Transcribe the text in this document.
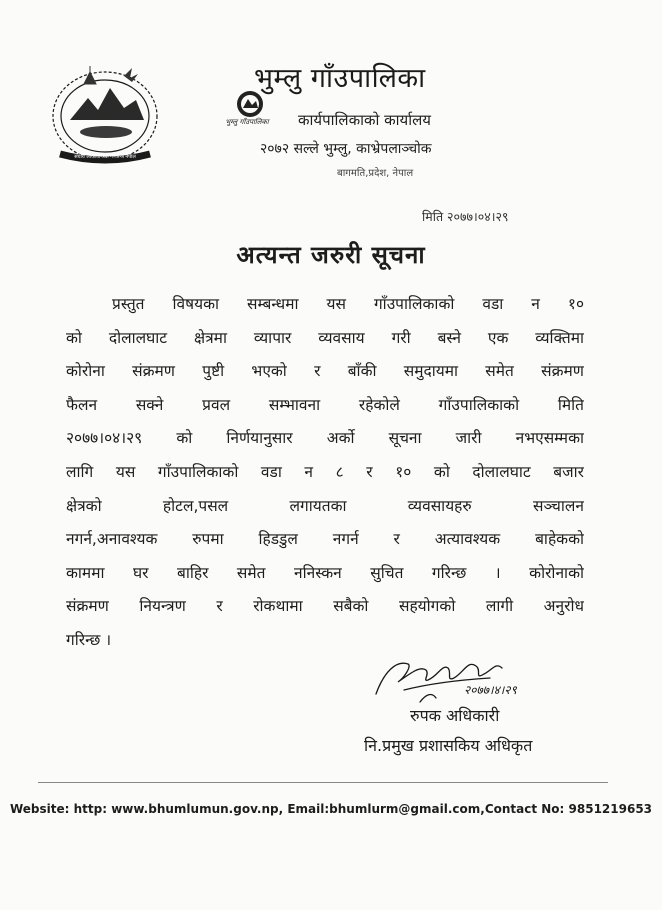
संघीय लोकतान्त्रिक गणतन्त्र नेपाल
भुम्लु गाँउपालिका
भुम्लु गाँउपालिका
कार्यपालिकाको कार्यालय
२०७२ सल्ले भुम्लु, काभ्रेपलाञ्चोक
बागमति,प्रदेश, नेपाल
मिति २०७७।०४।२९
अत्यन्त जरुरी सूचना
प्रस्तुत विषयका सम्बन्धमा यस गाँउपालिकाको वडा न १०
को दोलालघाट क्षेत्रमा व्यापार व्यवसाय गरी बस्ने एक व्यक्तिमा
कोरोना संक्रमण पुष्टी भएको र बाँकी समुदायमा समेत संक्रमण
फैलन सक्ने प्रवल सम्भावना रहेकोले गाँउपालिकाको मिति
२०७७।०४।२९ को निर्णयानुसार अर्को सूचना जारी नभएसम्मका
लागि यस गाँउपालिकाको वडा न ८ र १० को दोलालघाट बजार
क्षेत्रको होटल,पसल लगायतका व्यवसायहरु सञ्चालन
नगर्न,अनावश्यक रुपमा हिडडुल नगर्न र अत्यावश्यक बाहेकको
काममा घर बाहिर समेत ननिस्कन सुचित गरिन्छ । कोरोनाको
संक्रमण नियन्त्रण र रोकथामा सबैको सहयोगको लागी अनुरोध
गरिन्छ ।
२०७७।४।२९
रुपक अधिकारी
नि.प्रमुख प्रशासकिय अधिकृत
Website: http: www.bhumlumun.gov.np, Email:bhumlurm@gmail.com,Contact No: 9851219653
